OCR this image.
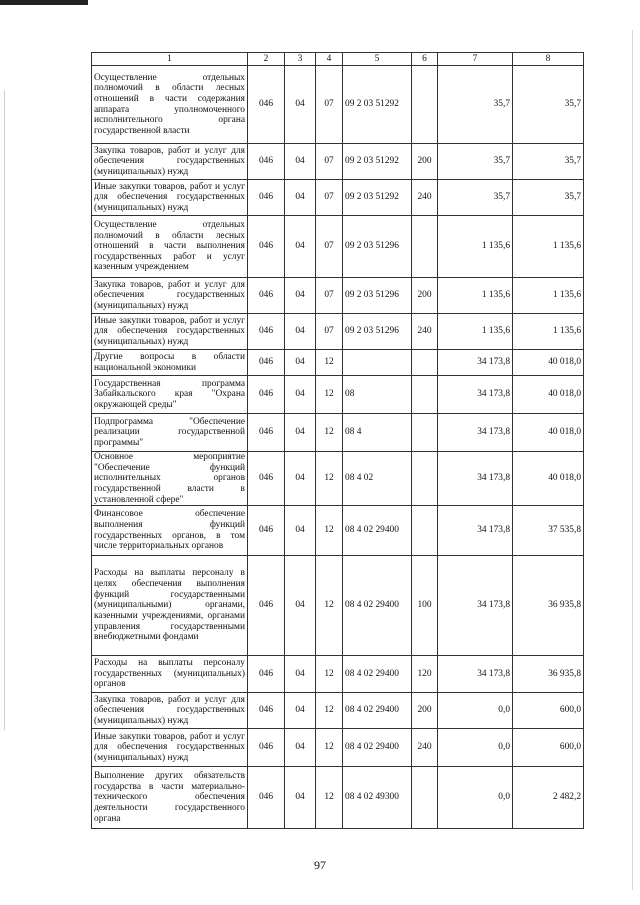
1	2	3	4	5	6	7	8
Осуществление отдельных полномочий в области лесных отношений в части содержания аппарата уполномоченного исполнительного органа государственной власти	046	04	07	09 2 03 51292		35,7	35,7
Закупка товаров, работ и услуг для обеспечения государственных (муниципальных) нужд	046	04	07	09 2 03 51292	200	35,7	35,7
Иные закупки товаров, работ и услуг для обеспечения государственных (муниципальных) нужд	046	04	07	09 2 03 51292	240	35,7	35,7
Осуществление отдельных полномочий в области лесных отношений в части выполнения государственных работ и услуг казенным учреждением	046	04	07	09 2 03 51296		1 135,6	1 135,6
Закупка товаров, работ и услуг для обеспечения государственных (муниципальных) нужд	046	04	07	09 2 03 51296	200	1 135,6	1 135,6
Иные закупки товаров, работ и услуг для обеспечения государственных (муниципальных) нужд	046	04	07	09 2 03 51296	240	1 135,6	1 135,6
Другие вопросы в области национальной экономики	046	04	12			34 173,8	40 018,0
Государственная программа Забайкальского края "Охрана окружающей среды"	046	04	12	08		34 173,8	40 018,0
Подпрограмма "Обеспечение реализации государственной программы"	046	04	12	08 4		34 173,8	40 018,0
Основное мероприятие "Обеспечение функций исполнительных органов государственной власти в установленной сфере"	046	04	12	08 4 02		34 173,8	40 018,0
Финансовое обеспечение выполнения функций государственных органов, в том числе территориальных органов	046	04	12	08 4 02 29400		34 173,8	37 535,8
Расходы на выплаты персоналу в целях обеспечения выполнения функций государственными (муниципальными) органами, казенными учреждениями, органами управления государственными внебюджетными фондами	046	04	12	08 4 02 29400	100	34 173,8	36 935,8
Расходы на выплаты персоналу государственных (муниципальных) органов	046	04	12	08 4 02 29400	120	34 173,8	36 935,8
Закупка товаров, работ и услуг для обеспечения государственных (муниципальных) нужд	046	04	12	08 4 02 29400	200	0,0	600,0
Иные закупки товаров, работ и услуг для обеспечения государственных (муниципальных) нужд	046	04	12	08 4 02 29400	240	0,0	600,0
Выполнение других обязательств государства в части материально-технического обеспечения деятельности государственного органа	046	04	12	08 4 02 49300		0,0	2 482,2
97
